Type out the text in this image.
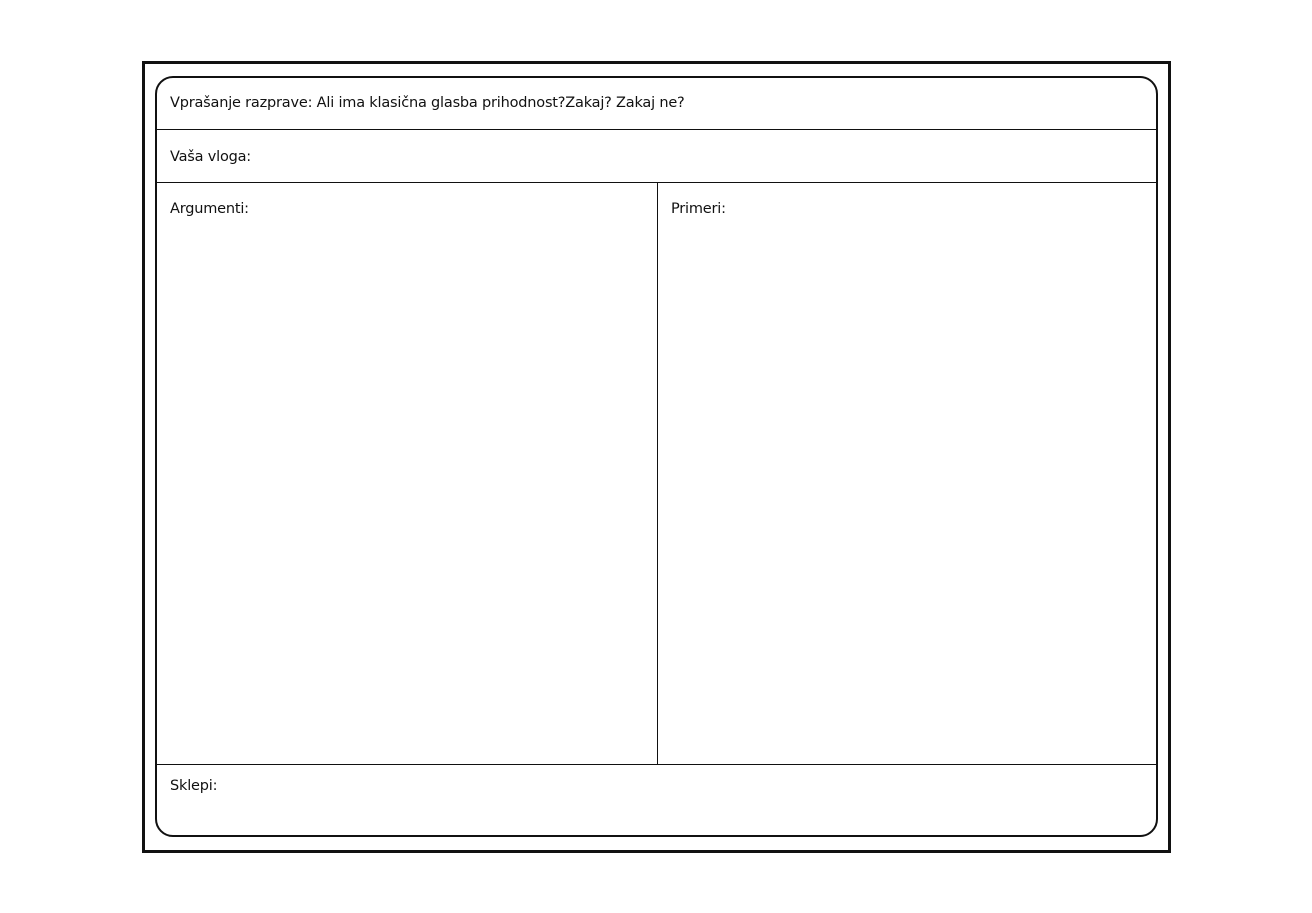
Vprašanje razprave: Ali ima klasična glasba prihodnost?Zakaj? Zakaj ne?
Vaša vloga:
Argumenti:	Primeri:
Sklepi:
